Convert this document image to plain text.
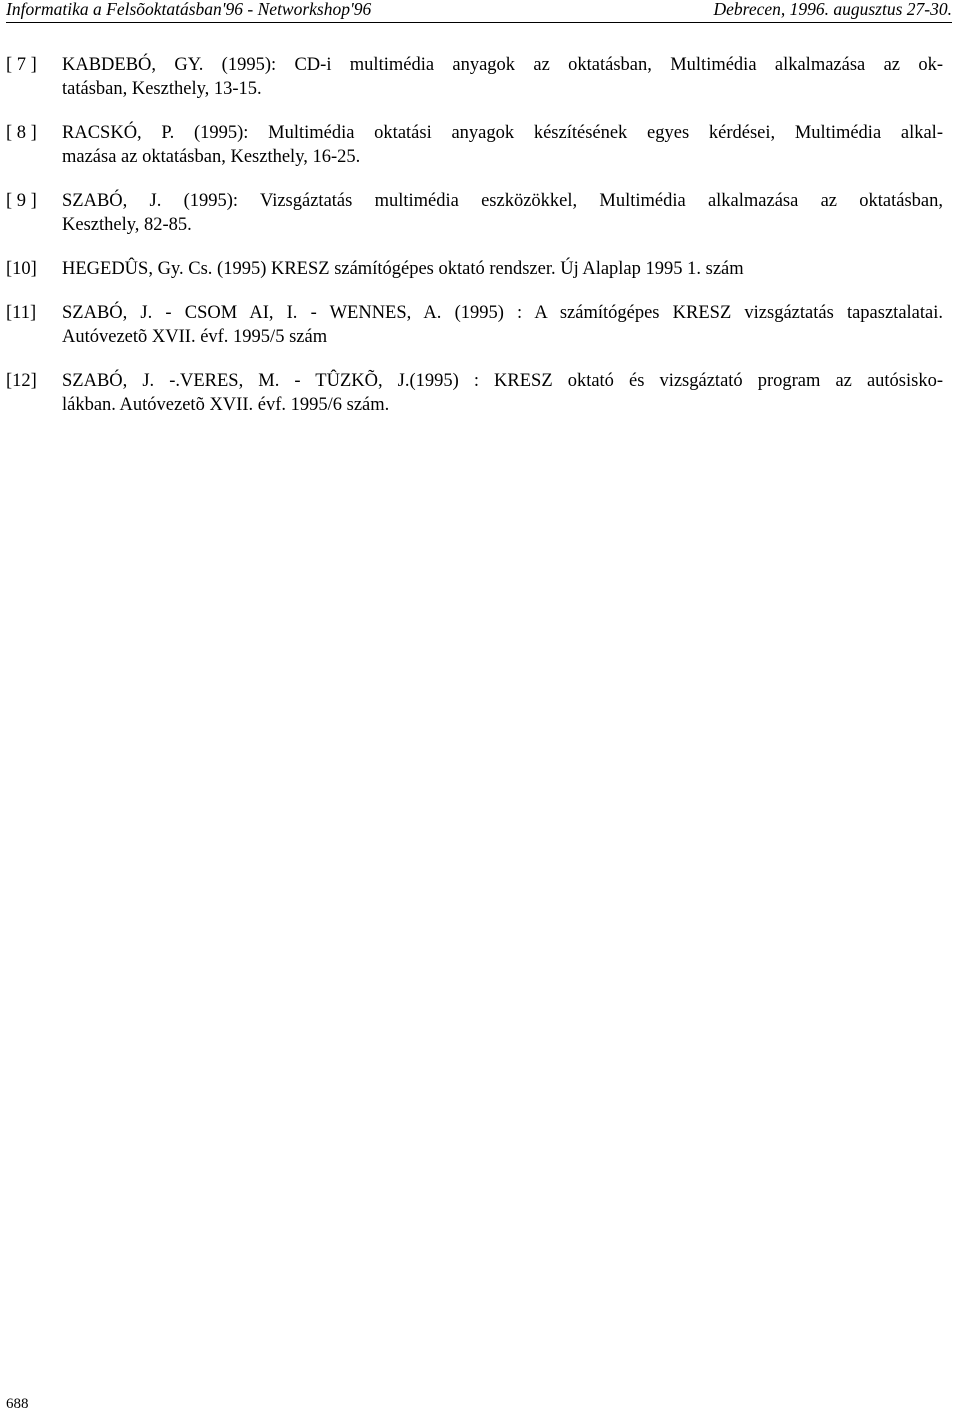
Informatika a Felsõoktatásban'96 - Networkshop'96	Debrecen, 1996. augusztus 27-30.
[ 7 ] KABDEBÓ, GY. (1995): CD-i multimédia anyagok az oktatásban, Multimédia alkalmazása az ok-
tatásban, Keszthely, 13-15.
[ 8 ] RACSKÓ, P. (1995): Multimédia oktatási anyagok készítésének egyes kérdései, Multimédia alkal-
mazása az oktatásban, Keszthely, 16-25.
[ 9 ] SZABÓ, J. (1995): Vizsgáztatás multimédia eszközökkel, Multimédia alkalmazása az oktatásban,
Keszthely, 82-85.
[10] HEGEDÛS, Gy. Cs. (1995) KRESZ számítógépes oktató rendszer. Új Alaplap 1995 1. szám
[11] SZABÓ, J. - CSOM AI, I. - WENNES, A. (1995) : A számítógépes KRESZ vizsgáztatás tapasztalatai.
Autóvezetõ XVII. évf. 1995/5 szám
[12] SZABÓ, J. -.VERES, M. - TÛZKÕ, J.(1995) : KRESZ oktató és vizsgáztató program az autósisko-
lákban. Autóvezetõ XVII. évf. 1995/6 szám.
688
